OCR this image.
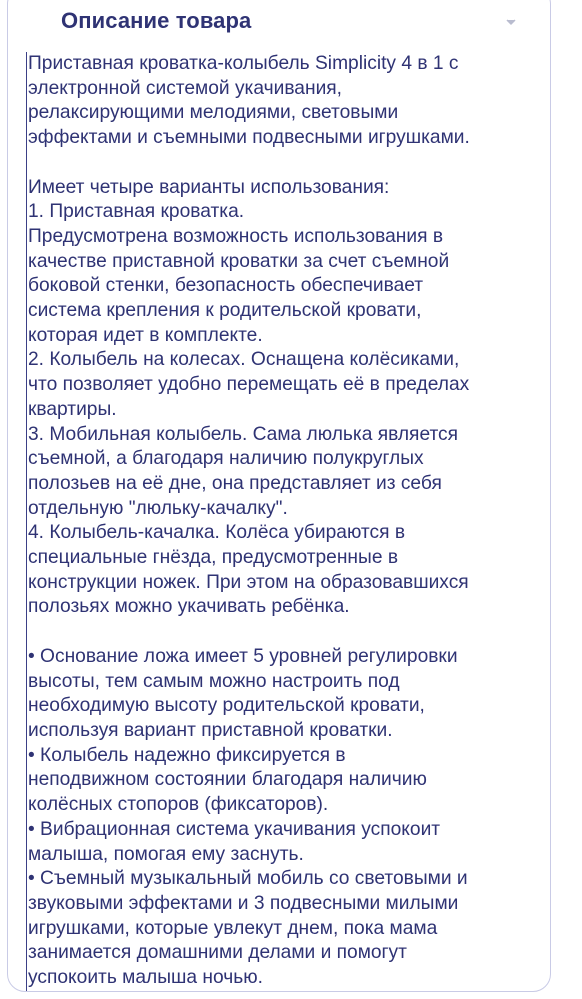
Описание товара
Приставная кроватка-колыбель Simplicity 4 в 1 с
электронной системой укачивания,
релаксирующими мелодиями, световыми
эффектами и съемными подвесными игрушками.

Имеет четыре варианты использования:
1. Приставная кроватка.
Предусмотрена возможность использования в
качестве приставной кроватки за счет съемной
боковой стенки, безопасность обеспечивает
система крепления к родительской кровати,
которая идет в комплекте.
2. Колыбель на колесах. Оснащена колёсиками,
что позволяет удобно перемещать её в пределах
квартиры.
3. Мобильная колыбель. Сама люлька является
съемной, а благодаря наличию полукруглых
полозьев на её дне, она представляет из себя
отдельную "люльку-качалку".
4. Колыбель-качалка. Колёса убираются в
специальные гнёзда, предусмотренные в
конструкции ножек. При этом на образовавшихся
полозьях можно укачивать ребёнка.

• Основание ложа имеет 5 уровней регулировки
высоты, тем самым можно настроить под
необходимую высоту родительской кровати,
используя вариант приставной кроватки.
• Колыбель надежно фиксируется в
неподвижном состоянии благодаря наличию
колёсных стопоров (фиксаторов).
• Вибрационная система укачивания успокоит
малыша, помогая ему заснуть.
• Съемный музыкальный мобиль со световыми и
звуковыми эффектами и 3 подвесными милыми
игрушками, которые увлекут днем, пока мама
занимается домашними делами и помогут
успокоить малыша ночью.
